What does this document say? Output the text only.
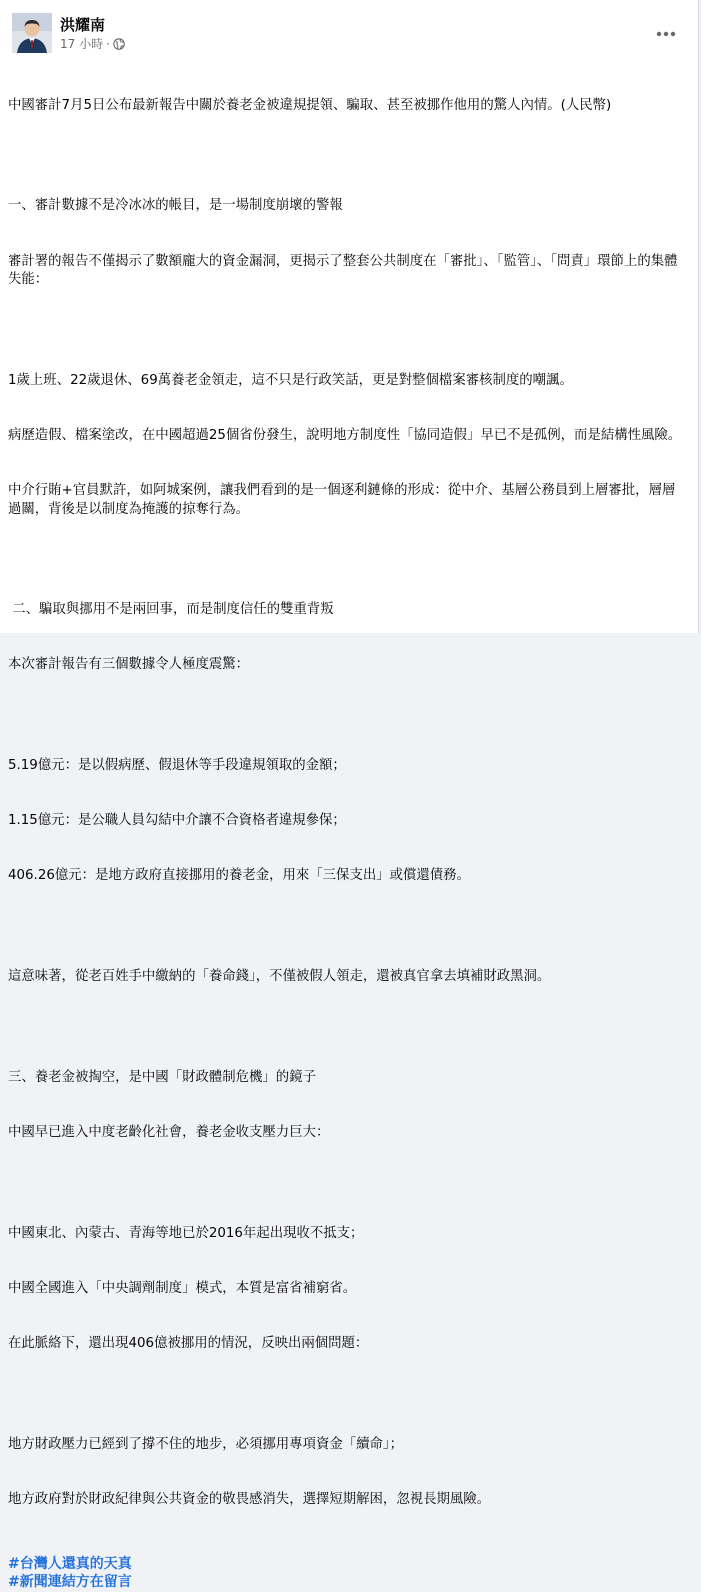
洪耀南
17 小時 ·

中國審計7月5日公布最新報告中關於養老金被違規提領、騙取、甚至被挪作他用的驚人內情。(人民幣)

一、審計數據不是冷冰冰的帳目，是一場制度崩壞的警報

審計署的報告不僅揭示了數額龐大的資金漏洞，更揭示了整套公共制度在「審批」、「監管」、「問責」環節上的集體失能：

1歲上班、22歲退休、69萬養老金領走，這不只是行政笑話，更是對整個檔案審核制度的嘲諷。

病歷造假、檔案塗改，在中國超過25個省份發生，說明地方制度性「協同造假」早已不是孤例，而是結構性風險。

中介行賄+官員默許，如阿城案例，讓我們看到的是一個逐利鏈條的形成：從中介、基層公務員到上層審批，層層過關，背後是以制度為掩護的掠奪行為。

二、騙取與挪用不是兩回事，而是制度信任的雙重背叛

本次審計報告有三個數據令人極度震驚：

5.19億元：是以假病歷、假退休等手段違規領取的金額；

1.15億元：是公職人員勾結中介讓不合資格者違規參保；

406.26億元：是地方政府直接挪用的養老金，用來「三保支出」或償還債務。

這意味著，從老百姓手中繳納的「養命錢」，不僅被假人領走，還被真官拿去填補財政黑洞。

三、養老金被掏空，是中國「財政體制危機」的鏡子

中國早已進入中度老齡化社會，養老金收支壓力巨大：

中國東北、內蒙古、青海等地已於2016年起出現收不抵支；

中國全國進入「中央調劑制度」模式，本質是富省補窮省。

在此脈絡下，還出現406億被挪用的情況，反映出兩個問題：

地方財政壓力已經到了撐不住的地步，必須挪用專項資金「續命」；

地方政府對於財政紀律與公共資金的敬畏感消失，選擇短期解困，忽視長期風險。

#台灣人還真的天真
#新聞連結方在留言
